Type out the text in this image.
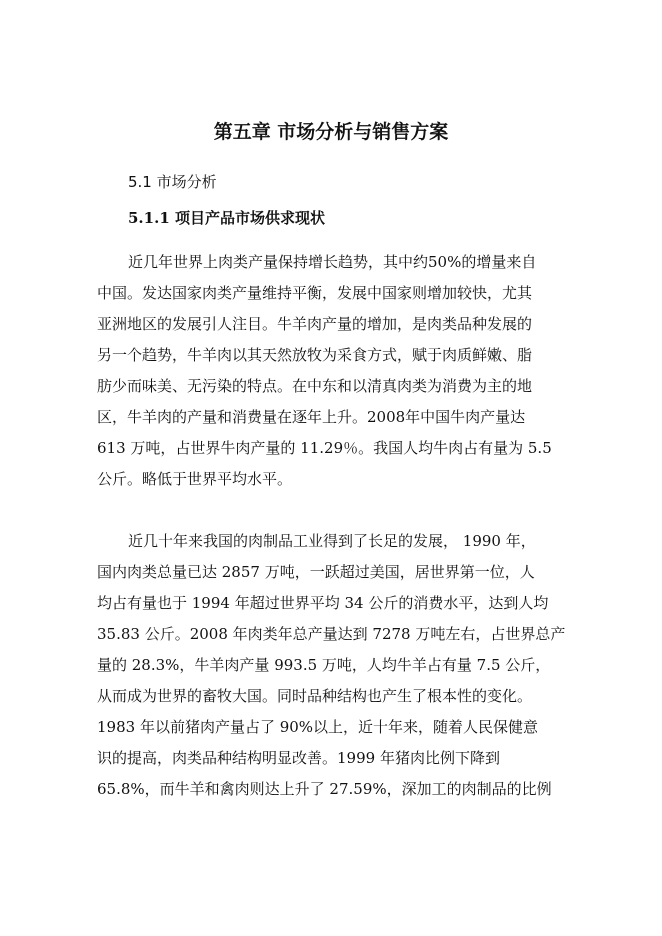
第五章 市场分析与销售方案
5.1 市场分析
5.1.1 项目产品市场供求现状
近几年世界上肉类产量保持增长趋势，其中约50%的增量来自
中国。发达国家肉类产量维持平衡，发展中国家则增加较快，尤其
亚洲地区的发展引人注目。牛羊肉产量的增加，是肉类品种发展的
另一个趋势，牛羊肉以其天然放牧为采食方式，赋于肉质鲜嫩、脂
肪少而味美、无污染的特点。在中东和以清真肉类为消费为主的地
区，牛羊肉的产量和消费量在逐年上升。2008年中国牛肉产量达
613 万吨，占世界牛肉产量的 11.29％。我国人均牛肉占有量为 5.5
公斤。略低于世界平均水平。
近几十年来我国的肉制品工业得到了长足的发展， 1990 年，
国内肉类总量已达 2857 万吨，一跃超过美国，居世界第一位，人
均占有量也于 1994 年超过世界平均 34 公斤的消费水平，达到人均
35.83 公斤。2008 年肉类年总产量达到 7278 万吨左右，占世界总产
量的 28.3%，牛羊肉产量 993.5 万吨，人均牛羊占有量 7.5 公斤，
从而成为世界的畜牧大国。同时品种结构也产生了根本性的变化。
1983 年以前猪肉产量占了 90%以上，近十年来，随着人民保健意
识的提高，肉类品种结构明显改善。1999 年猪肉比例下降到
65.8%，而牛羊和禽肉则达上升了 27.59%，深加工的肉制品的比例
